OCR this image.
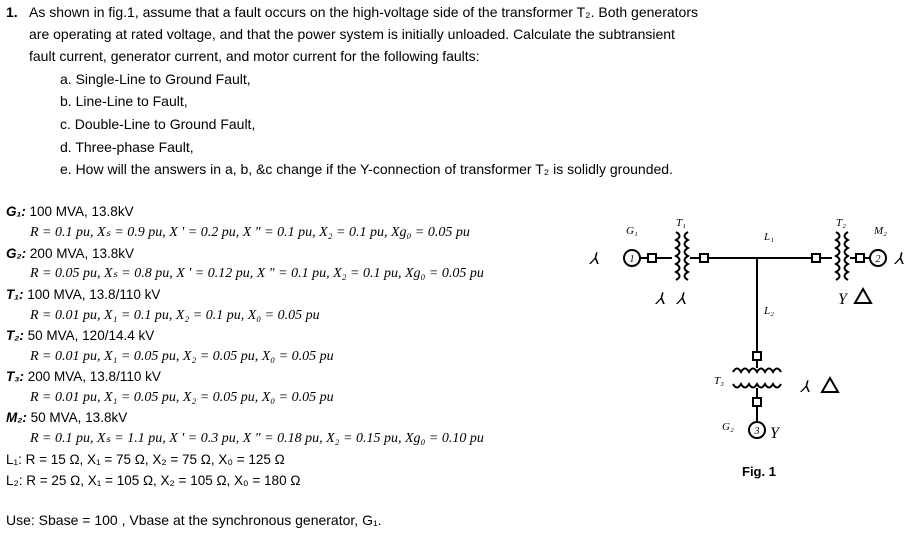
1. As shown in fig.1, assume that a fault occurs on the high-voltage side of the transformer T₂. Both generators
are operating at rated voltage, and that the power system is initially unloaded. Calculate the subtransient
fault current, generator current, and motor current for the following faults:
a. Single-Line to Ground Fault,
b. Line-Line to Fault,
c. Double-Line to Ground Fault,
d. Three-phase Fault,
e. How will the answers in a, b, &c change if the Y-connection of transformer T₂ is solidly grounded.
G₁: 100 MVA, 13.8kV
R = 0.1 pu, Xₛ = 0.9 pu, X ' = 0.2 pu, X " = 0.1 pu, X₂ = 0.1 pu, Xg₀ = 0.05 pu
G₂: 200 MVA, 13.8kV
R = 0.05 pu, Xₛ = 0.8 pu, X ' = 0.12 pu, X " = 0.1 pu, X₂ = 0.1 pu, Xg₀ = 0.05 pu
T₁: 100 MVA, 13.8/110 kV
R = 0.01 pu, X₁ = 0.1 pu, X₂ = 0.1 pu, X₀ = 0.05 pu
T₂: 50 MVA, 120/14.4 kV
R = 0.01 pu, X₁ = 0.05 pu, X₂ = 0.05 pu, X₀ = 0.05 pu
T₃: 200 MVA, 13.8/110 kV
R = 0.01 pu, X₁ = 0.05 pu, X₂ = 0.05 pu, X₀ = 0.05 pu
M₂: 50 MVA, 13.8kV
R = 0.1 pu, Xₛ = 1.1 pu, X ' = 0.3 pu, X " = 0.18 pu, X₂ = 0.15 pu, Xg₀ = 0.10 pu
L₁: R = 15 Ω, X₁ = 75 Ω, X₂ = 75 Ω, X₀ = 125 Ω
L₂: R = 25 Ω, X₁ = 105 Ω, X₂ = 105 Ω, X₀ = 180 Ω
Use: Sbase = 100 , Vbase at the synchronous generator, G₁.
⅄
⅄ ⅄
⅄
Y
⅄
Y
1	2
3
G₁
T₁
L₁
T₂
M₂
L₂
T₃
G₂
Fig. 1
